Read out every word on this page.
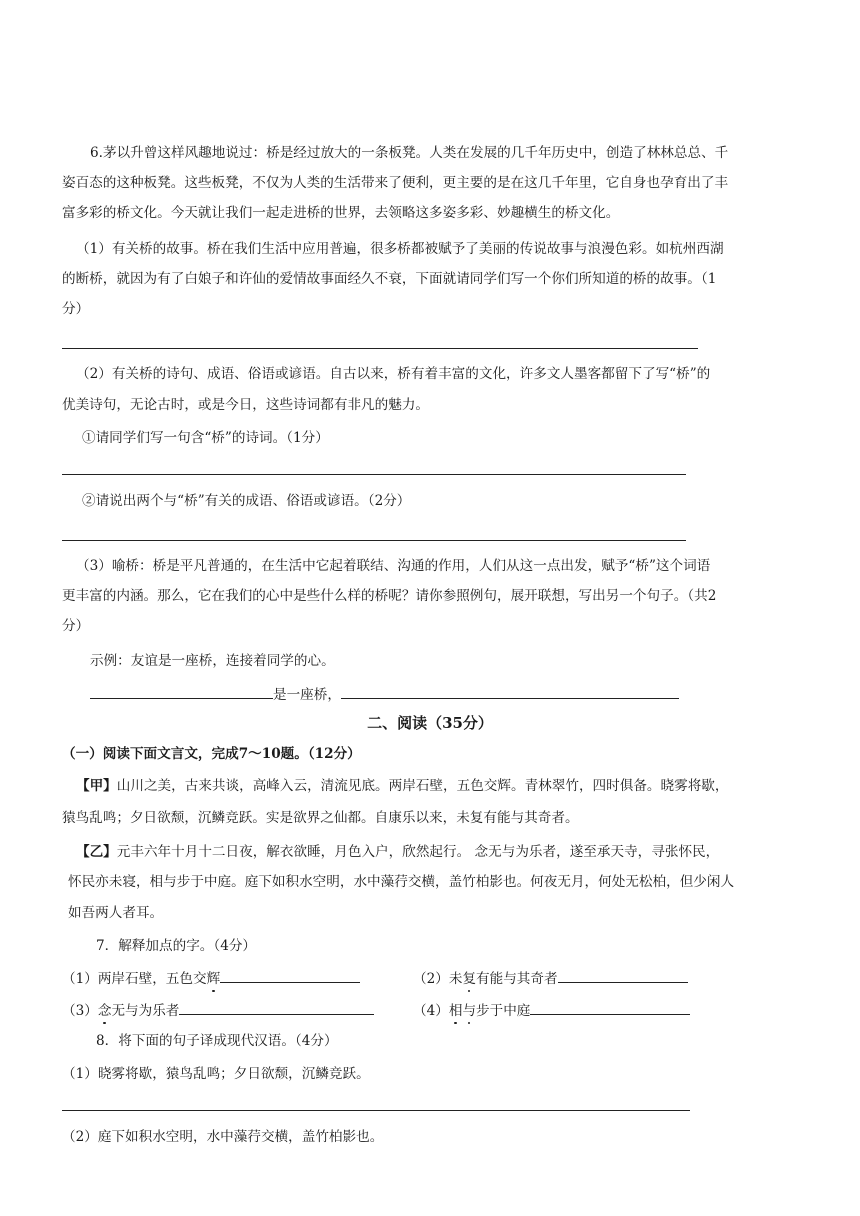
6.茅以升曾这样风趣地说过：桥是经过放大的一条板凳。人类在发展的几千年历史中，创造了林林总总、千
姿百态的这种板凳。这些板凳，不仅为人类的生活带来了便利，更主要的是在这几千年里，它自身也孕育出了丰
富多彩的桥文化。今天就让我们一起走进桥的世界，去领略这多姿多彩、妙趣横生的桥文化。
（1）有关桥的故事。桥在我们生活中应用普遍，很多桥都被赋予了美丽的传说故事与浪漫色彩。如杭州西湖
的断桥，就因为有了白娘子和许仙的爱情故事面经久不衰，下面就请同学们写一个你们所知道的桥的故事。（1
分）
（2）有关桥的诗句、成语、俗语或谚语。自古以来，桥有着丰富的文化，许多文人墨客都留下了写“桥”的
优美诗句，无论古时，或是今日，这些诗词都有非凡的魅力。
①请同学们写一句含“桥”的诗词。（1分）
②请说出两个与“桥”有关的成语、俗语或谚语。（2分）
（3）喻桥：桥是平凡普通的，在生活中它起着联结、沟通的作用，人们从这一点出发，赋予“桥”这个词语
更丰富的内涵。那么，它在我们的心中是些什么样的桥呢？请你参照例句，展开联想，写出另一个句子。（共2
分）
示例：友谊是一座桥，连接着同学的心。
是一座桥，
二、阅读（35分）
（一）阅读下面文言文，完成7～10题。（12分）
【甲】山川之美，古来共谈，高峰入云，清流见底。两岸石壁，五色交辉。青林翠竹，四时俱备。晓雾将歇，
猿鸟乱鸣；夕日欲颓，沉鳞竞跃。实是欲界之仙都。自康乐以来，未复有能与其奇者。
【乙】元丰六年十月十二日夜，解衣欲睡，月色入户，欣然起行。 念无与为乐者，遂至承天寺，寻张怀民，
怀民亦未寝，相与步于中庭。庭下如积水空明，水中藻荇交横，盖竹柏影也。何夜无月，何处无松柏，但少闲人
如吾两人者耳。
7．解释加点的字。（4分）
（1）两岸石壁，五色交辉	（2）未复有能与其奇者
（3）念无与为乐者	（4）相与步于中庭
8．将下面的句子译成现代汉语。（4分）
（1）晓雾将歇，猿鸟乱鸣；夕日欲颓，沉鳞竞跃。
（2）庭下如积水空明，水中藻荇交横，盖竹柏影也。
